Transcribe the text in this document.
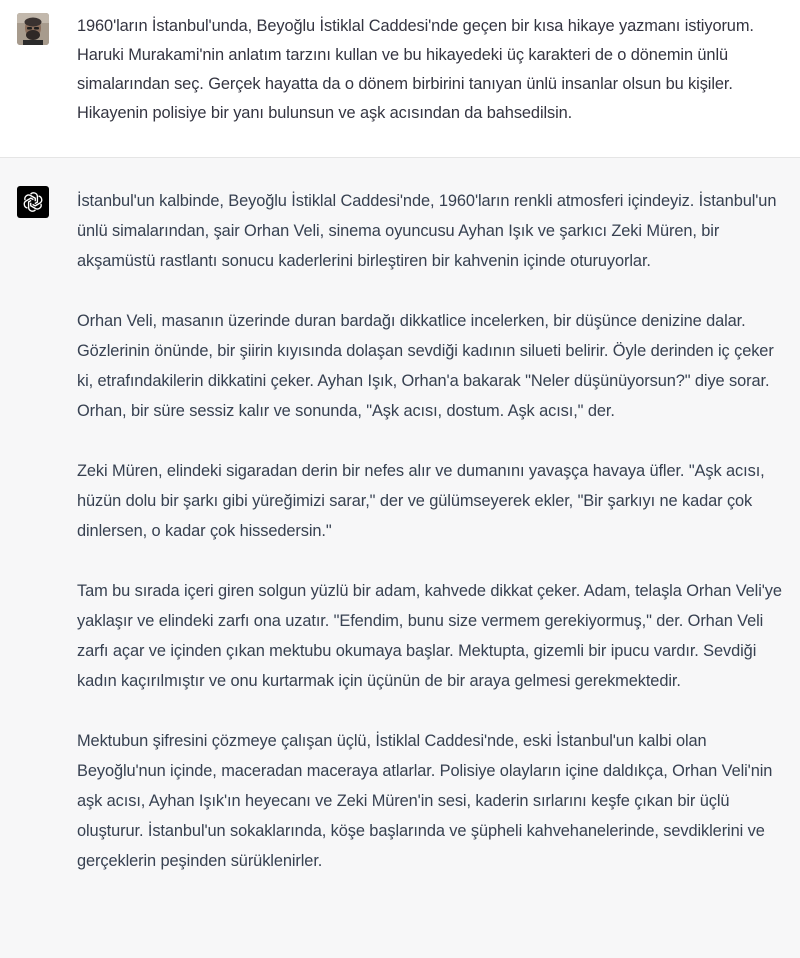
1960'ların İstanbul'unda, Beyoğlu İstiklal Caddesi'nde geçen bir kısa hikaye yazmanı istiyorum. Haruki Murakami'nin anlatım tarzını kullan ve bu hikayedeki üç karakteri de o dönemin ünlü simalarından seç. Gerçek hayatta da o dönem birbirini tanıyan ünlü insanlar olsun bu kişiler. Hikayenin polisiye bir yanı bulunsun ve aşk acısından da bahsedilsin.

İstanbul'un kalbinde, Beyoğlu İstiklal Caddesi'nde, 1960'ların renkli atmosferi içindeyiz. İstanbul'un ünlü simalarından, şair Orhan Veli, sinema oyuncusu Ayhan Işık ve şarkıcı Zeki Müren, bir akşamüstü rastlantı sonucu kaderlerini birleştiren bir kahvenin içinde oturuyorlar.

Orhan Veli, masanın üzerinde duran bardağı dikkatlice incelerken, bir düşünce denizine dalar. Gözlerinin önünde, bir şiirin kıyısında dolaşan sevdiği kadının silueti belirir. Öyle derinden iç çeker ki, etrafındakilerin dikkatini çeker. Ayhan Işık, Orhan'a bakarak "Neler düşünüyorsun?" diye sorar. Orhan, bir süre sessiz kalır ve sonunda, "Aşk acısı, dostum. Aşk acısı," der.

Zeki Müren, elindeki sigaradan derin bir nefes alır ve dumanını yavaşça havaya üfler. "Aşk acısı, hüzün dolu bir şarkı gibi yüreğimizi sarar," der ve gülümseyerek ekler, "Bir şarkıyı ne kadar çok dinlersen, o kadar çok hissedersin."

Tam bu sırada içeri giren solgun yüzlü bir adam, kahvede dikkat çeker. Adam, telaşla Orhan Veli'ye yaklaşır ve elindeki zarfı ona uzatır. "Efendim, bunu size vermem gerekiyormuş," der. Orhan Veli zarfı açar ve içinden çıkan mektubu okumaya başlar. Mektupta, gizemli bir ipucu vardır. Sevdiği kadın kaçırılmıştır ve onu kurtarmak için üçünün de bir araya gelmesi gerekmektedir.

Mektubun şifresini çözmeye çalışan üçlü, İstiklal Caddesi'nde, eski İstanbul'un kalbi olan Beyoğlu'nun içinde, maceradan maceraya atlarlar. Polisiye olayların içine daldıkça, Orhan Veli'nin aşk acısı, Ayhan Işık'ın heyecanı ve Zeki Müren'in sesi, kaderin sırlarını keşfe çıkan bir üçlü oluşturur. İstanbul'un sokaklarında, köşe başlarında ve şüpheli kahvehanelerinde, sevdiklerini ve gerçeklerin peşinden sürüklenirler.
